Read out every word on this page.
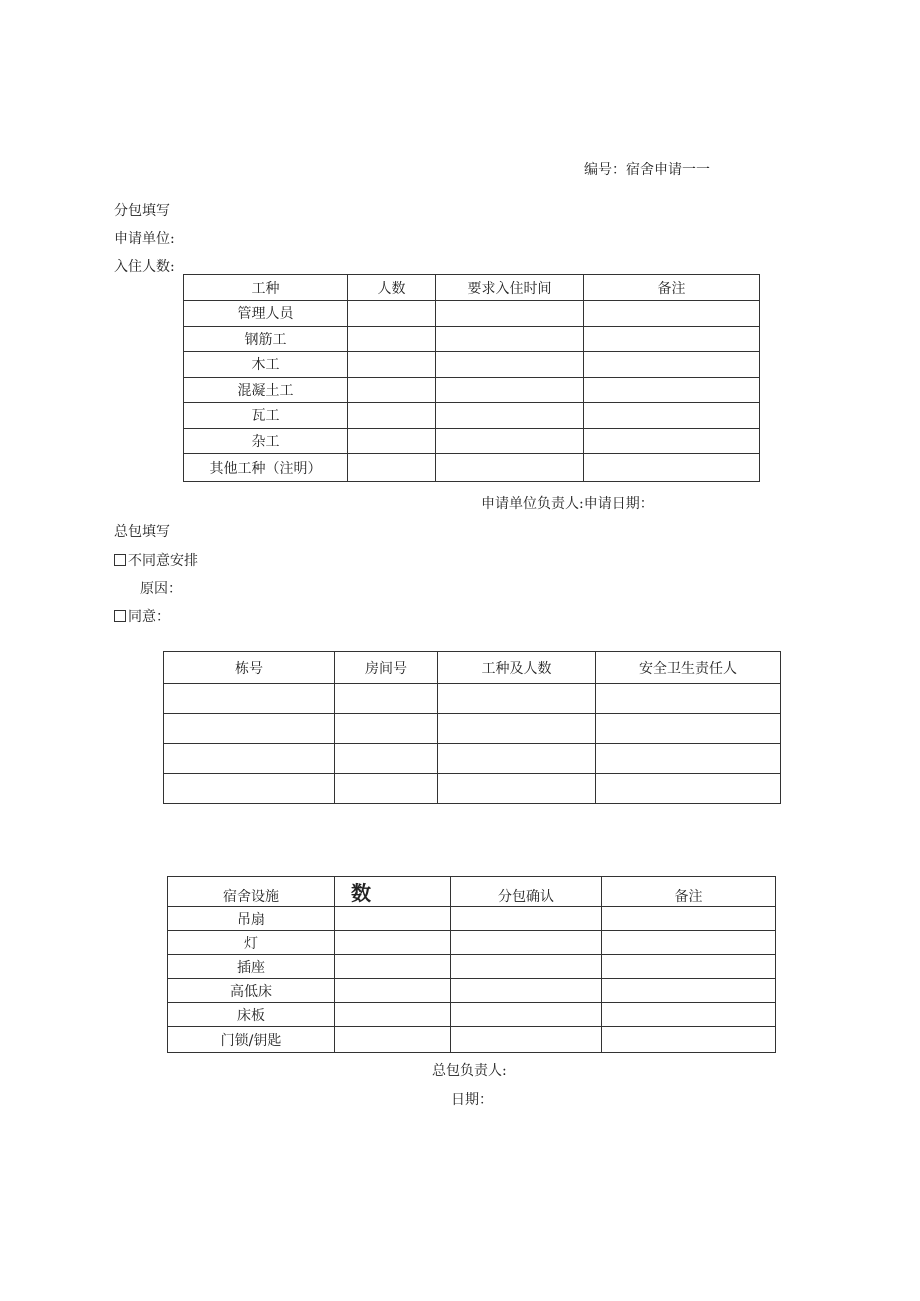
编号：宿舍申请一一
分包填写
申请单位:
入住人数:
工种	人数	要求入住时间	备注
管理人员			
钢筋工			
木工			
混凝土工			
瓦工			
杂工			
其他工种（注明）			
申请单位负责人:申请日期：
总包填写
不同意安排
原因：
同意：
栋号	房间号	工种及人数	安全卫生责任人

宿舍设施	数	分包确认	备注
吊扇			
灯			
插座			
高低床			
床板			
门锁/钥匙			
总包负责人:
日期：
